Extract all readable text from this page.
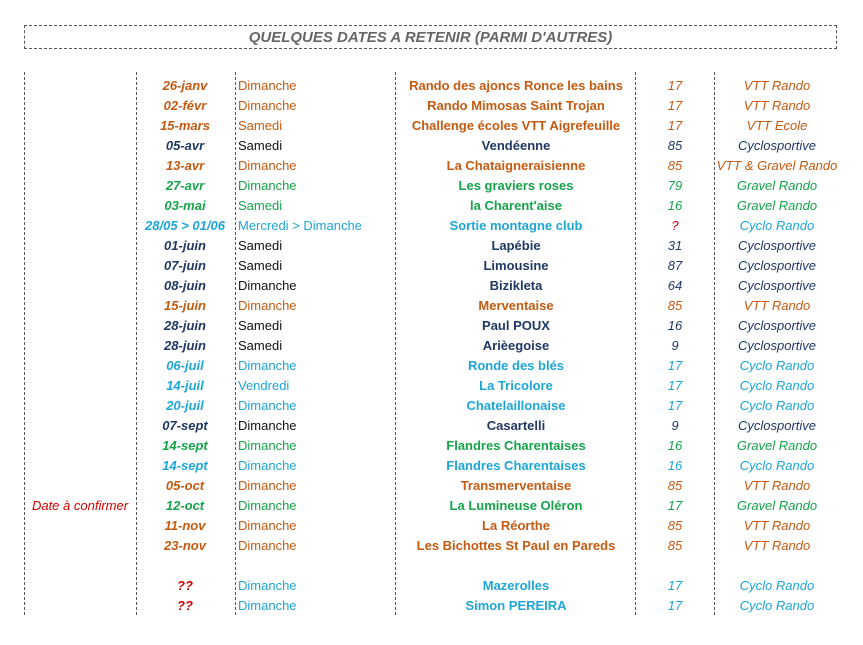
QUELQUES DATES A RETENIR (PARMI D'AUTRES)
26-janv	Dimanche	Rando des ajoncs Ronce les bains	17	VTT Rando
02-févr	Dimanche	Rando Mimosas Saint Trojan	17	VTT Rando
15-mars	Samedi	Challenge écoles VTT Aigrefeuille	17	VTT Ecole
05-avr	Samedi	Vendéenne	85	Cyclosportive
13-avr	Dimanche	La Chataigneraisienne	85	VTT & Gravel Rando
27-avr	Dimanche	Les graviers roses	79	Gravel Rando
03-mai	Samedi	la Charent'aise	16	Gravel Rando
28/05 > 01/06	Mercredi > Dimanche	Sortie montagne club	?	Cyclo Rando
01-juin	Samedi	Lapébie	31	Cyclosportive
07-juin	Samedi	Limousine	87	Cyclosportive
08-juin	Dimanche	Bizikleta	64	Cyclosportive
15-juin	Dimanche	Merventaise	85	VTT Rando
28-juin	Samedi	Paul POUX	16	Cyclosportive
28-juin	Samedi	Arièegoise	9	Cyclosportive
06-juil	Dimanche	Ronde des blés	17	Cyclo Rando
14-juil	Vendredi	La Tricolore	17	Cyclo Rando
20-juil	Dimanche	Chatelaillonaise	17	Cyclo Rando
07-sept	Dimanche	Casartelli	9	Cyclosportive
14-sept	Dimanche	Flandres Charentaises	16	Gravel Rando
14-sept	Dimanche	Flandres Charentaises	16	Cyclo Rando
05-oct	Dimanche	Transmerventaise	85	VTT Rando
Date à confirmer	12-oct	Dimanche	La Lumineuse Oléron	17	Gravel Rando
11-nov	Dimanche	La Réorthe	85	VTT Rando
23-nov	Dimanche	Les Bichottes St Paul en Pareds	85	VTT Rando
??	Dimanche	Mazerolles	17	Cyclo Rando
??	Dimanche	Simon PEREIRA	17	Cyclo Rando
